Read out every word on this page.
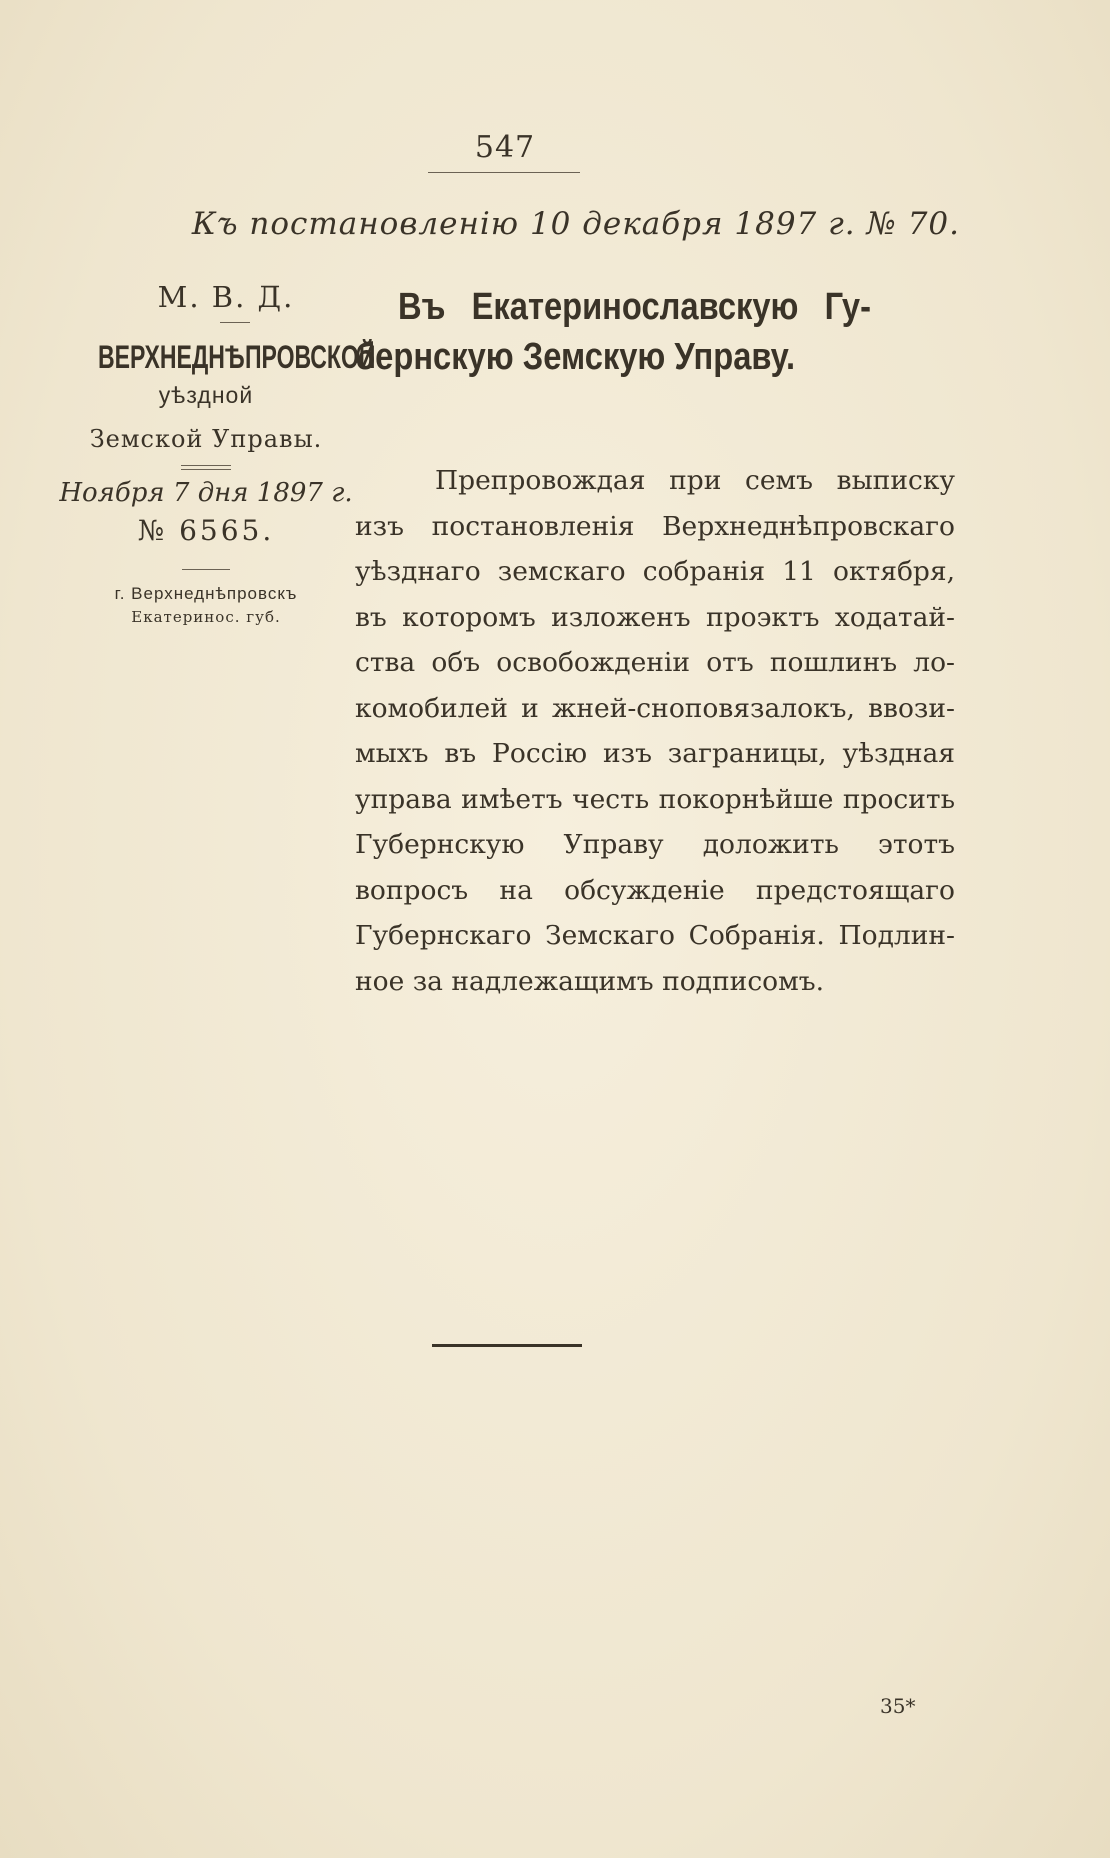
547
Къ постановленію 10 декабря 1897 г. № 70.
М. В. Д.
ВЕРХНЕДНѢПРОВСКОЙ
уѣздной
Земской Управы.
Ноября 7 дня 1897 г.
№ 6565.
г. Верхнеднѣпровскъ
Екатеринос. губ.
Въ Екатеринославскую Гу-
бернскую Земскую Управу.
Препровождая при семъ выписку
изъ постановленія Верхнеднѣпровскаго
уѣзднаго земскаго собранія 11 октября,
въ которомъ изложенъ проэктъ ходатай-
ства объ освобожденіи отъ пошлинъ ло-
комобилей и жней-сноповязалокъ, ввози-
мыхъ въ Россію изъ заграницы, уѣздная
управа имѣетъ честь покорнѣйше просить
Губернскую Управу доложить этотъ
вопросъ на обсужденіе предстоящаго
Губернскаго Земскаго Собранія. Подлин-
ное за надлежащимъ подписомъ.
35*
